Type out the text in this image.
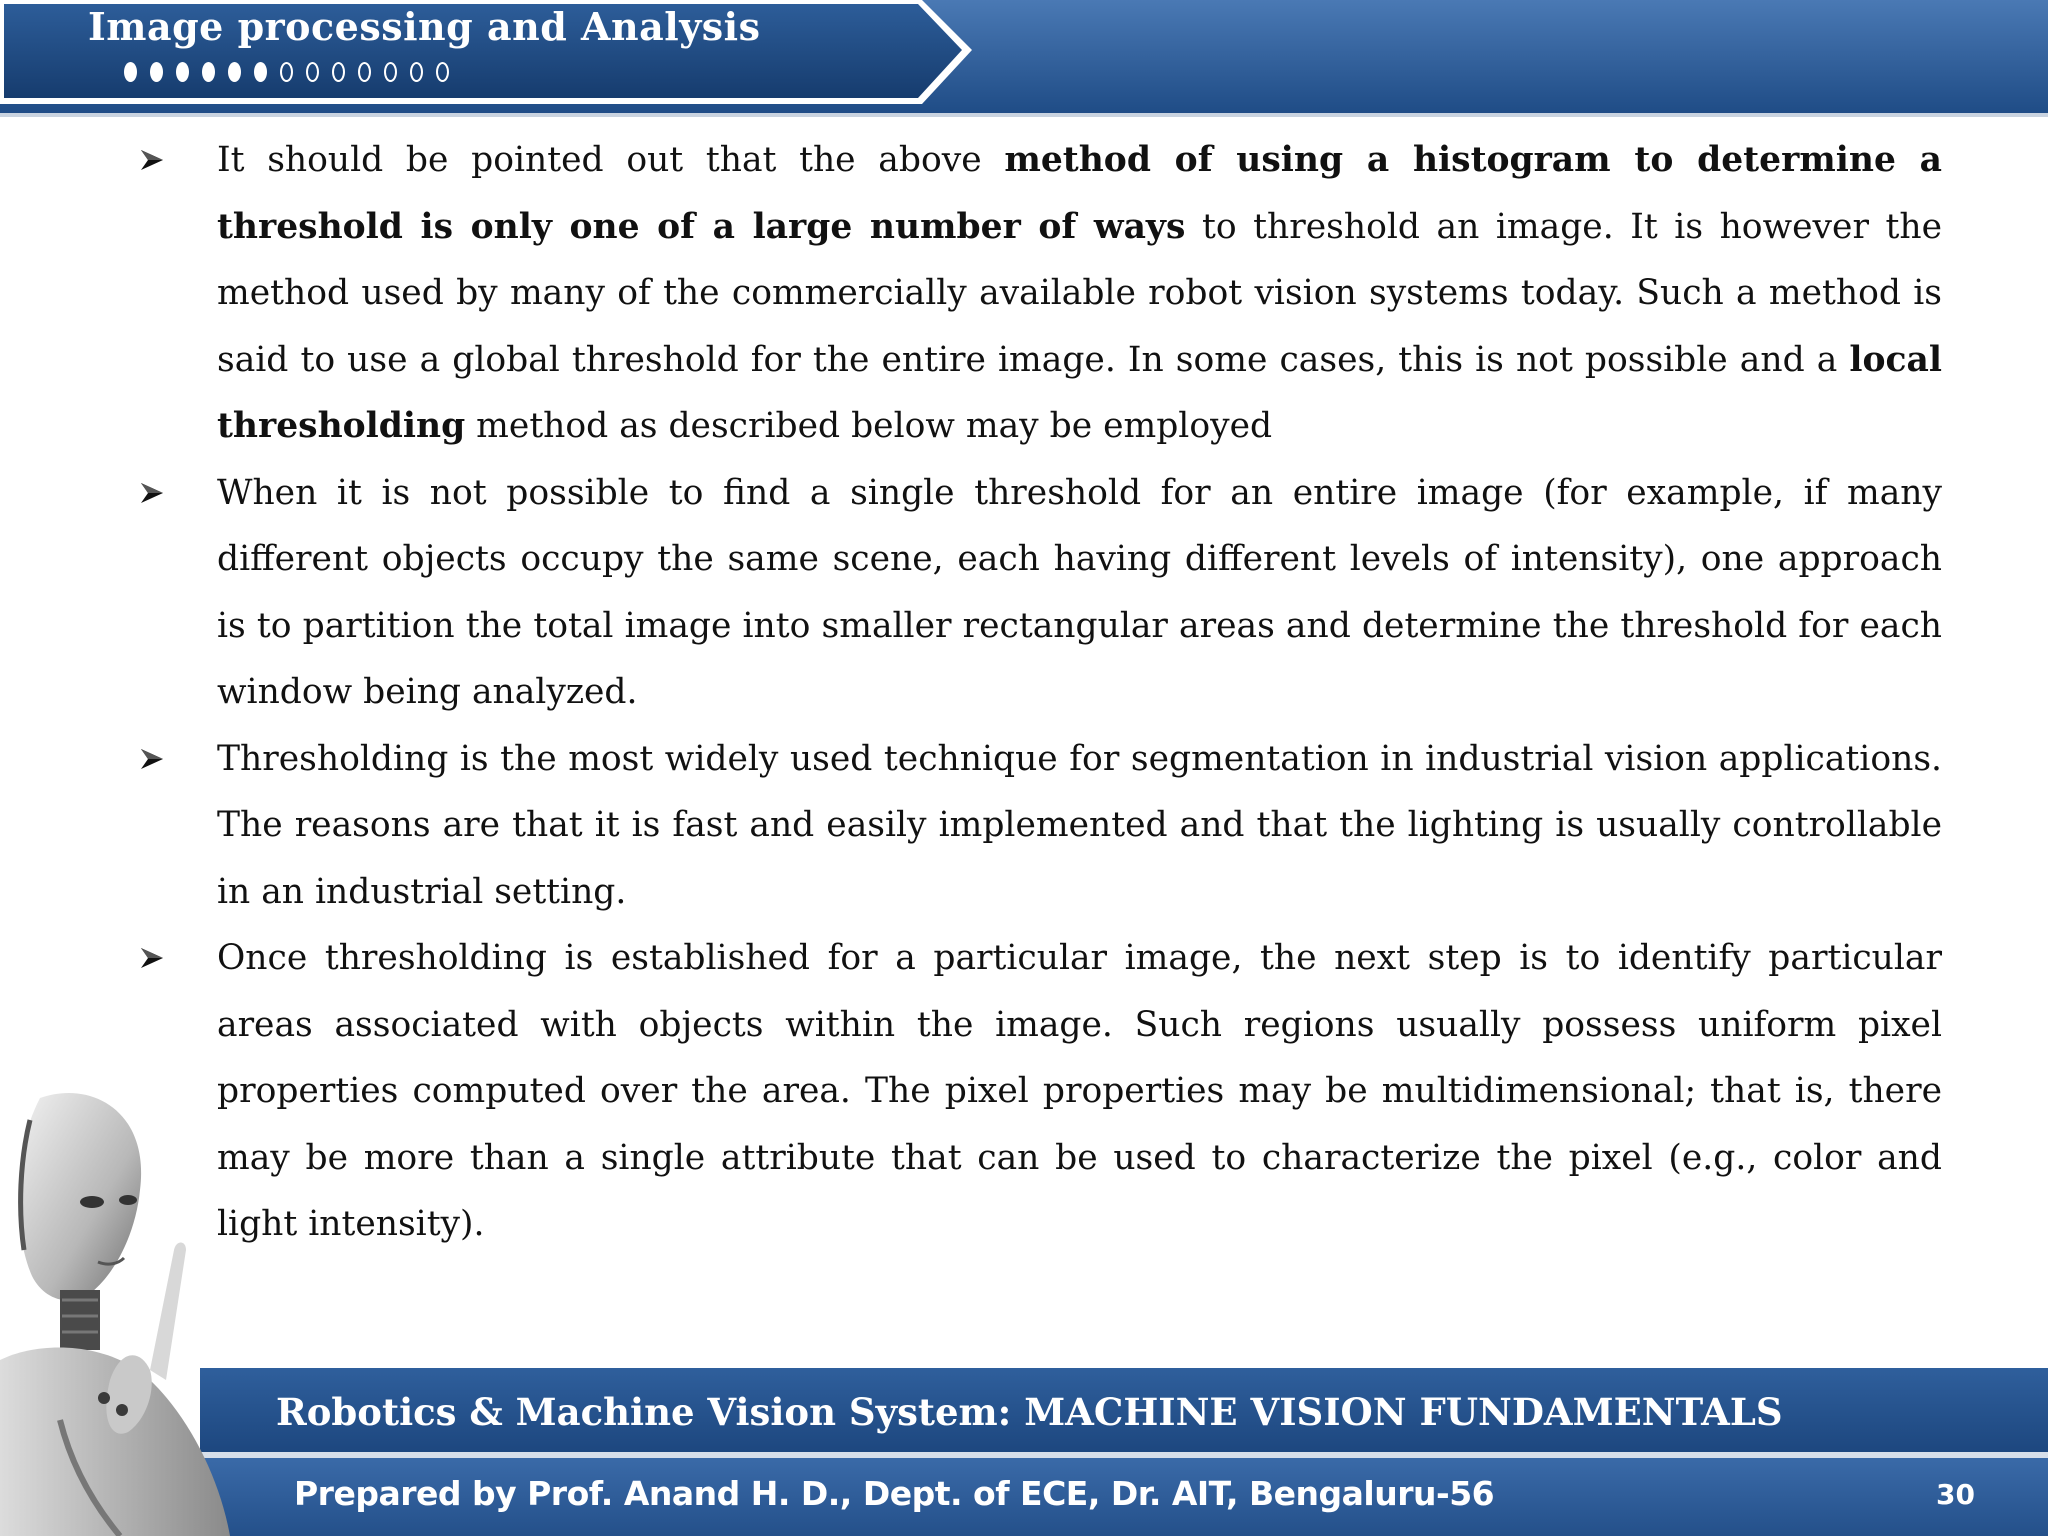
Image processing and Analysis

It should be pointed out that the above method of using a histogram to determine a threshold is only one of a large number of ways to threshold an image. It is however the method used by many of the commercially available robot vision systems today. Such a method is said to use a global threshold for the entire image. In some cases, this is not possible and a local thresholding method as described below may be employed

When it is not possible to find a single threshold for an entire image (for example, if many different objects occupy the same scene, each having different levels of intensity), one approach is to partition the total image into smaller rectangular areas and determine the threshold for each window being analyzed.

Thresholding is the most widely used technique for segmentation in industrial vision applications. The reasons are that it is fast and easily implemented and that the lighting is usually controllable in an industrial setting.

Once thresholding is established for a particular image, the next step is to identify particular areas associated with objects within the image. Such regions usually possess uniform pixel properties computed over the area. The pixel properties may be multidimensional; that is, there may be more than a single attribute that can be used to characterize the pixel (e.g., color and light intensity).

Robotics & Machine Vision System: MACHINE VISION FUNDAMENTALS
Prepared by Prof. Anand H. D., Dept. of ECE, Dr. AIT, Bengaluru-56	30
